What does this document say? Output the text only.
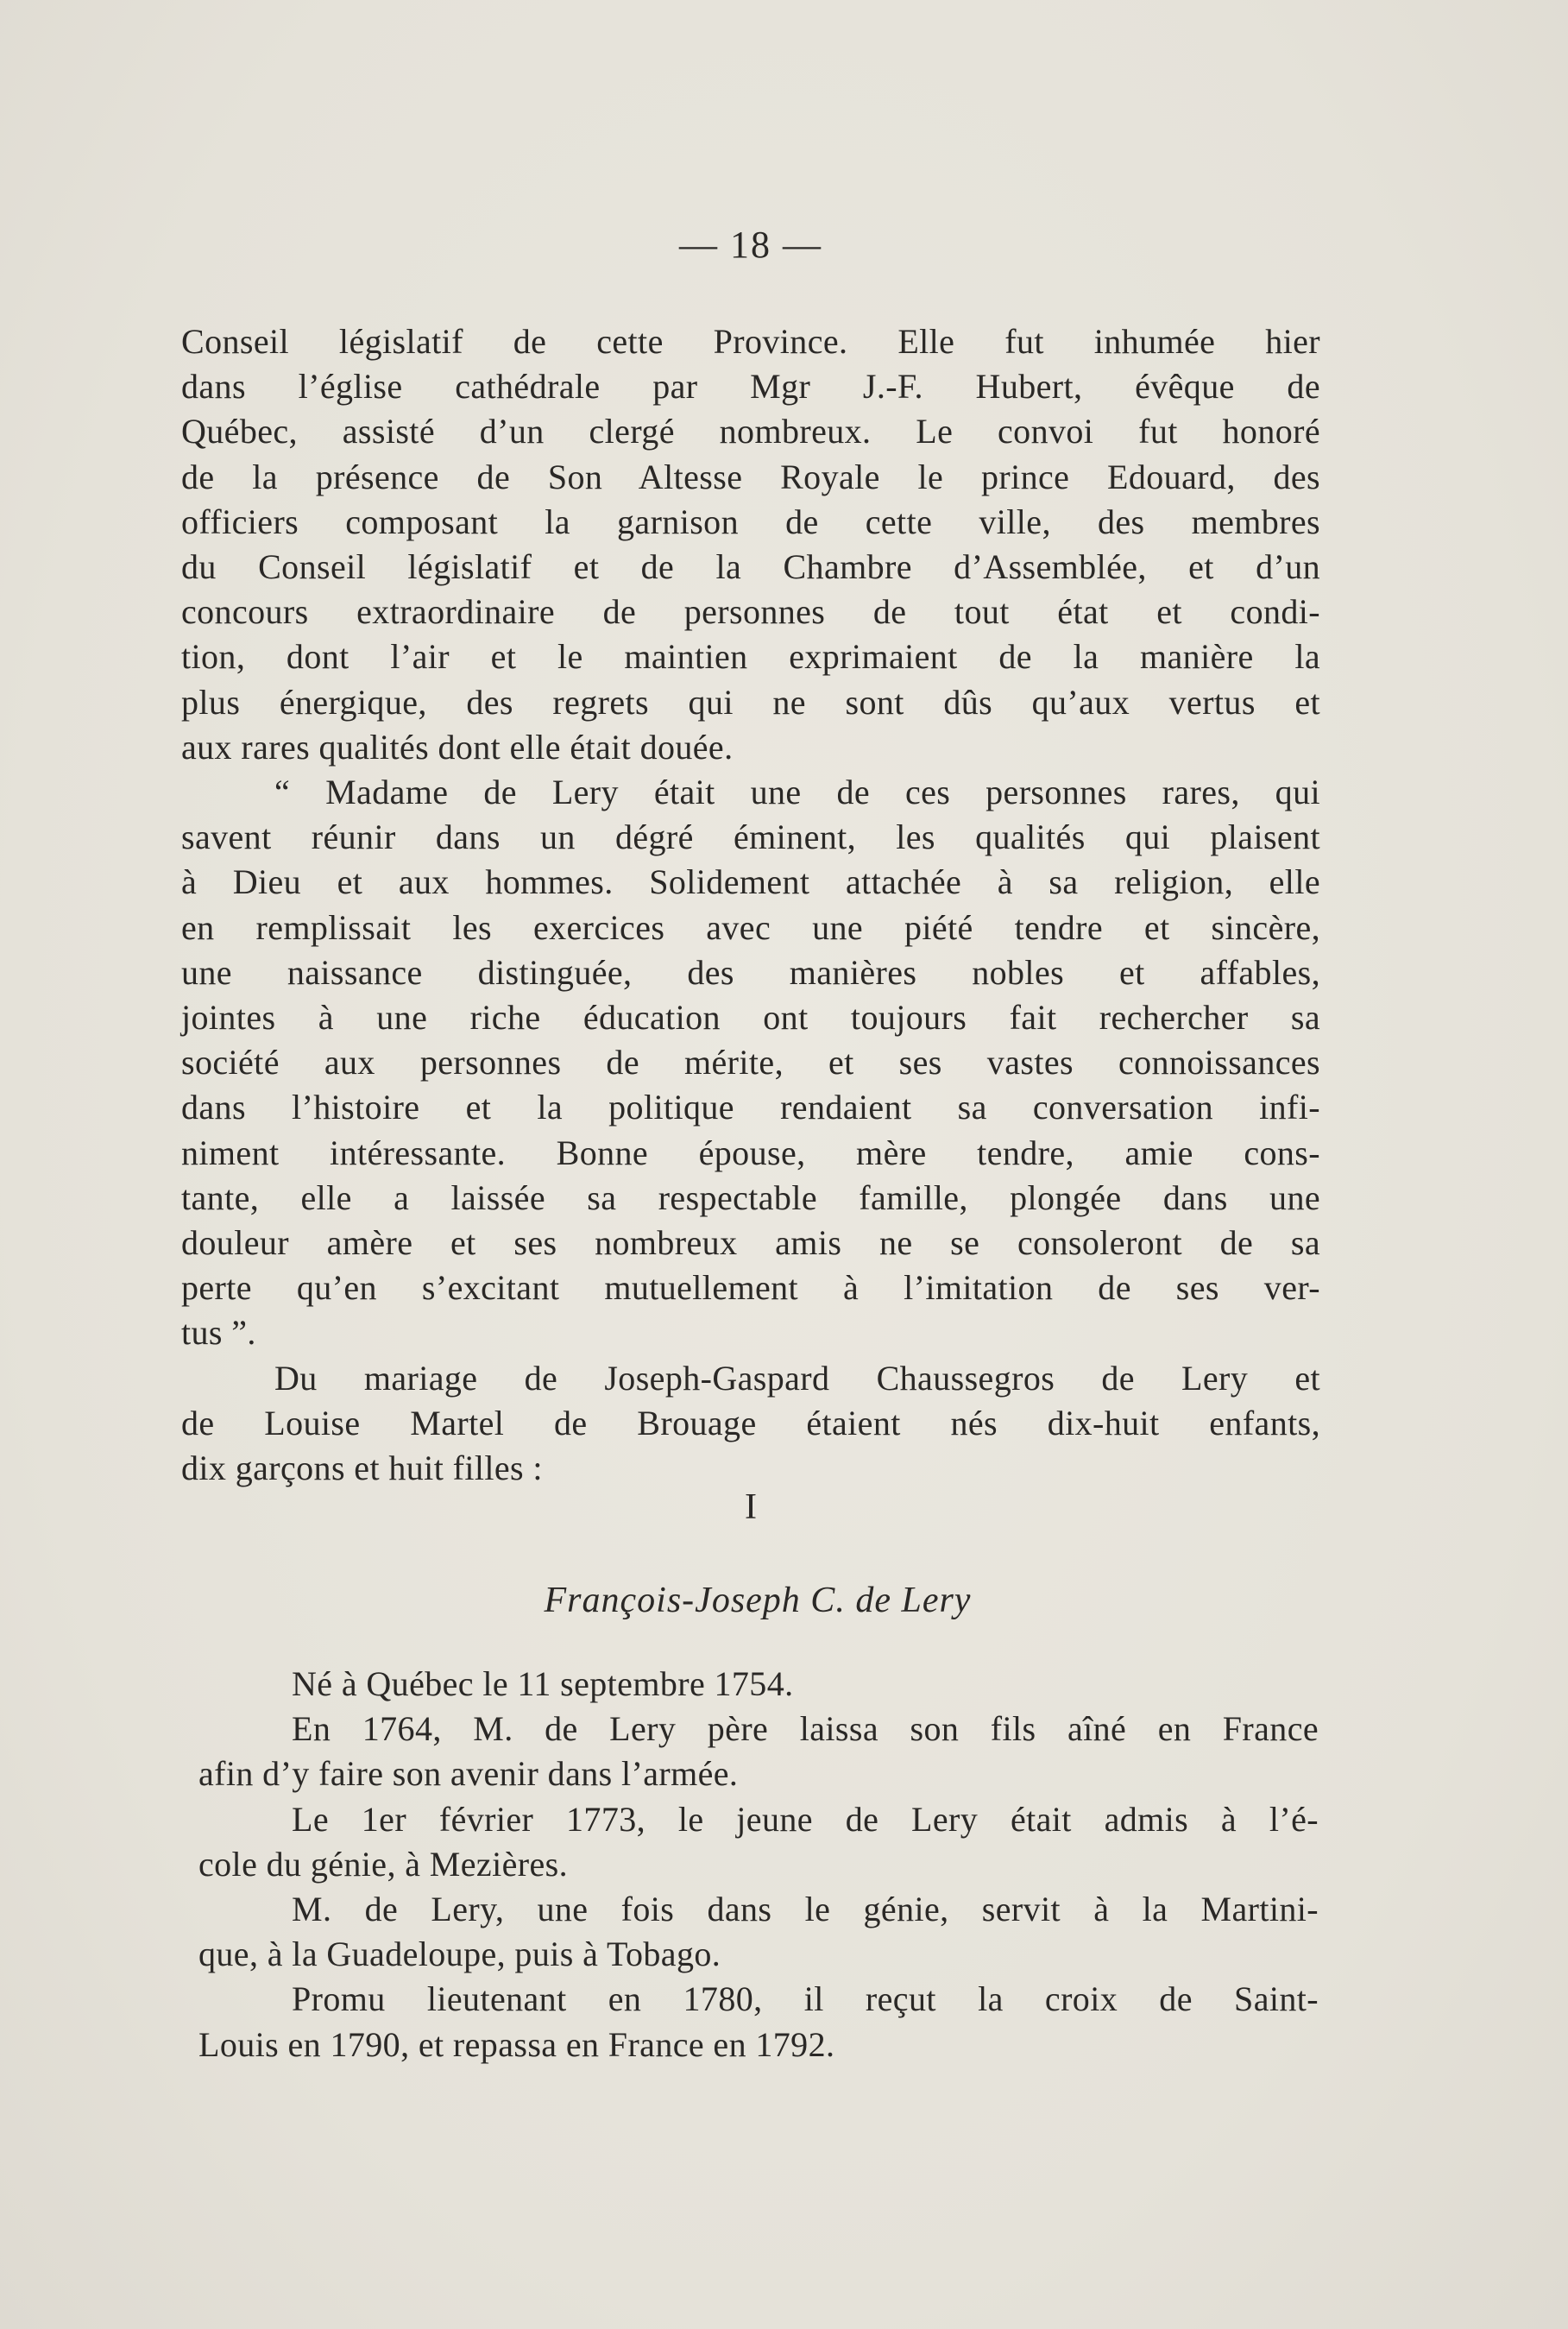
— 18 —
Conseil législatif de cette Province. Elle fut inhumée hier
dans l’église cathédrale par Mgr J.-F. Hubert, évêque de
Québec, assisté d’un clergé nombreux. Le convoi fut honoré
de la présence de Son Altesse Royale le prince Edouard, des
officiers composant la garnison de cette ville, des membres
du Conseil législatif et de la Chambre d’Assemblée, et d’un
concours extraordinaire de personnes de tout état et condi-
tion, dont l’air et le maintien exprimaient de la manière la
plus énergique, des regrets qui ne sont dûs qu’aux vertus et
aux rares qualités dont elle était douée.
“ Madame de Lery était une de ces personnes rares, qui
savent réunir dans un dégré éminent, les qualités qui plaisent
à Dieu et aux hommes. Solidement attachée à sa religion, elle
en remplissait les exercices avec une piété tendre et sincère,
une naissance distinguée, des manières nobles et affables,
jointes à une riche éducation ont toujours fait rechercher sa
société aux personnes de mérite, et ses vastes connoissances
dans l’histoire et la politique rendaient sa conversation infi-
niment intéressante. Bonne épouse, mère tendre, amie cons-
tante, elle a laissée sa respectable famille, plongée dans une
douleur amère et ses nombreux amis ne se consoleront de sa
perte qu’en s’excitant mutuellement à l’imitation de ses ver-
tus ”.
Du mariage de Joseph-Gaspard Chaussegros de Lery et
de Louise Martel de Brouage étaient nés dix-huit enfants,
dix garçons et huit filles :
I
François-Joseph C. de Lery
Né à Québec le 11 septembre 1754.
En 1764, M. de Lery père laissa son fils aîné en France
afin d’y faire son avenir dans l’armée.
Le 1er février 1773, le jeune de Lery était admis à l’é-
cole du génie, à Mezières.
M. de Lery, une fois dans le génie, servit à la Martini-
que, à la Guadeloupe, puis à Tobago.
Promu lieutenant en 1780, il reçut la croix de Saint-
Louis en 1790, et repassa en France en 1792.
